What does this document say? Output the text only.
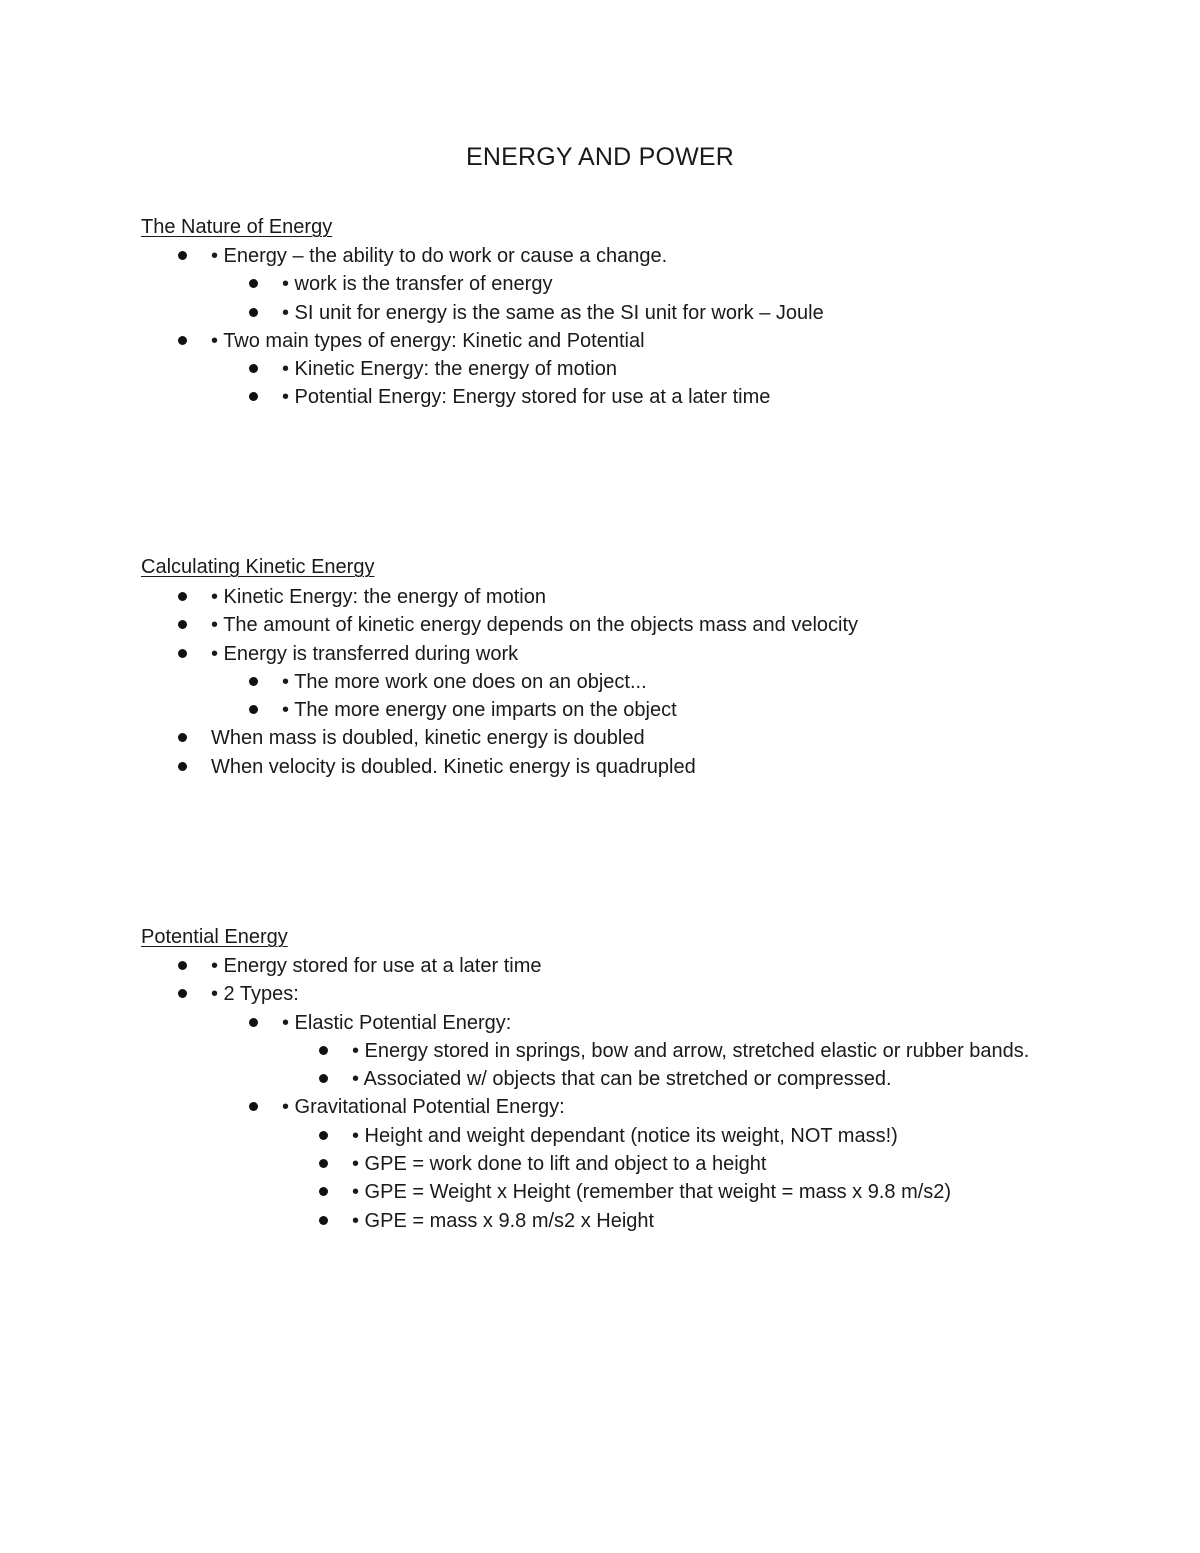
ENERGY AND POWER
The Nature of Energy
• Energy – the ability to do work or cause a change.
• work is the transfer of energy
• SI unit for energy is the same as the SI unit for work – Joule
• Two main types of energy: Kinetic and Potential
• Kinetic Energy: the energy of motion
• Potential Energy: Energy stored for use at a later time
Calculating Kinetic Energy
• Kinetic Energy: the energy of motion
• The amount of kinetic energy depends on the objects mass and velocity
• Energy is transferred during work
• The more work one does on an object...
• The more energy one imparts on the object
When mass is doubled, kinetic energy is doubled
When velocity is doubled. Kinetic energy is quadrupled
Potential Energy
• Energy stored for use at a later time
• 2 Types:
• Elastic Potential Energy:
• Energy stored in springs, bow and arrow, stretched elastic or rubber bands.
• Associated w/ objects that can be stretched or compressed.
• Gravitational Potential Energy:
• Height and weight dependant (notice its weight, NOT mass!)
• GPE = work done to lift and object to a height
• GPE = Weight x Height (remember that weight = mass x 9.8 m/s2)
• GPE = mass x 9.8 m/s2 x Height
